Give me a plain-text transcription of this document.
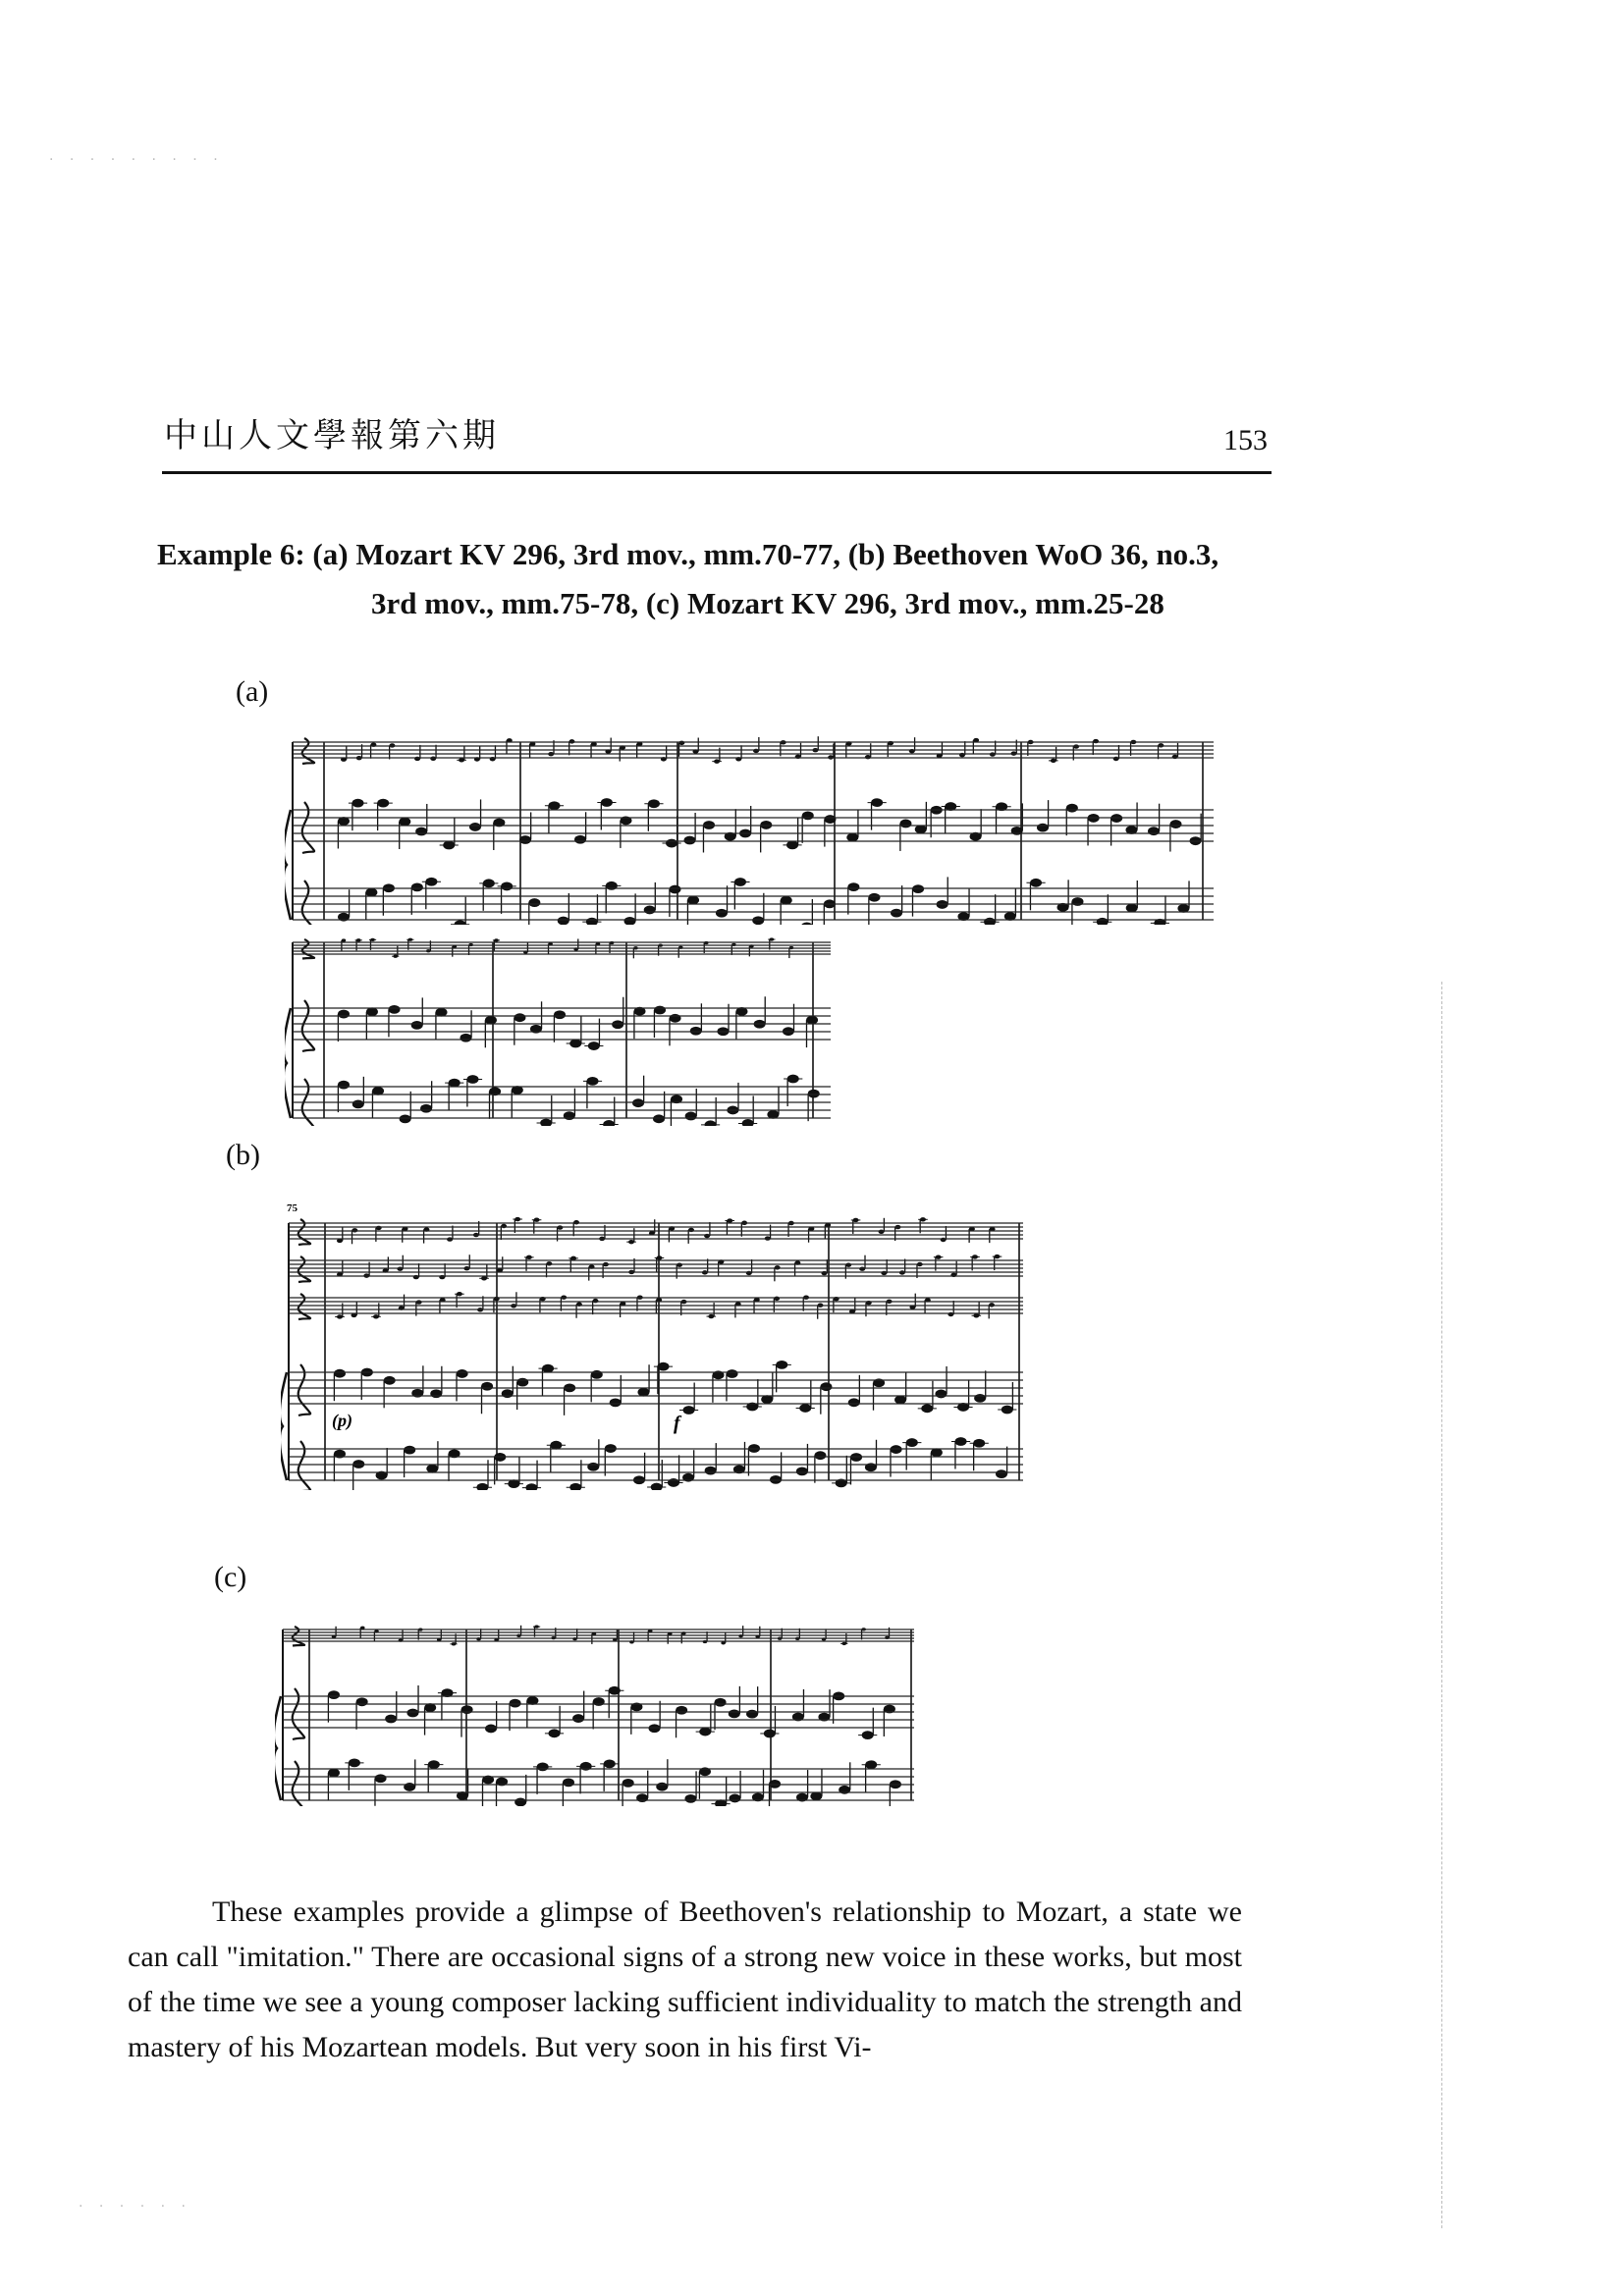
· · · · · · · · ·
· · · · · ·
中山人文學報第六期	153
Example 6: (a) Mozart KV 296, 3rd mov., mm.70-77, (b) Beethoven WoO 36, no.3,
3rd mov., mm.75-78, (c) Mozart KV 296, 3rd mov., mm.25-28
(a)
(b)
(c)
75
(p)	f

These examples provide a glimpse of Beethoven's relationship to Mozart, a state we can call "imitation." There are occasional signs of a strong new voice in these works, but most of the time we see a young composer lacking sufficient individuality to match the strength and mastery of his Mozartean models. But very soon in his first Vi-
